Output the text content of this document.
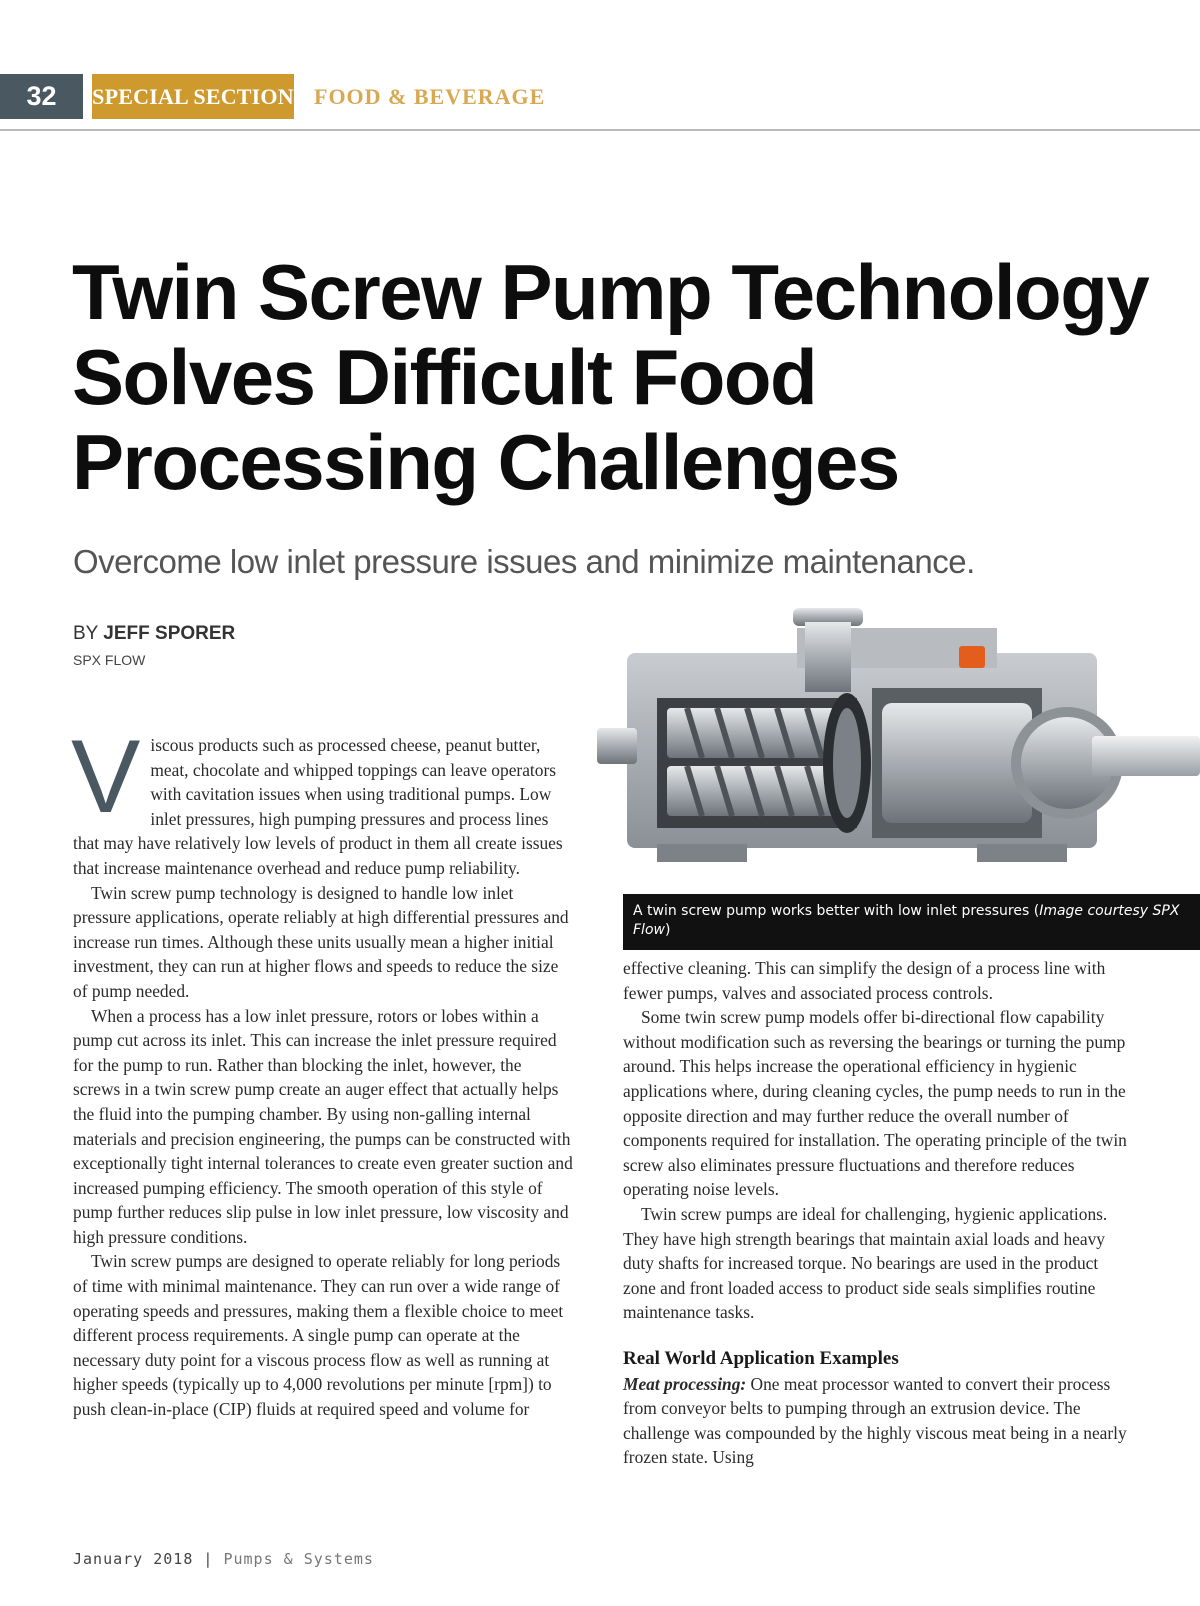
32	SPECIAL SECTION FOOD & BEVERAGE
Twin Screw Pump Technology
Solves Difficult Food
Processing Challenges
Overcome low inlet pressure issues and minimize maintenance.
BY JEFF SPORER
SPX FLOW
A twin screw pump works better with low inlet pressures (Image courtesy SPX Flow)
V iscous products such as processed cheese, peanut butter, meat, chocolate and whipped toppings can leave operators with cavitation issues when using traditional pumps. Low inlet pressures, high pumping pressures and process lines that may have relatively low levels of product in them all create issues that increase maintenance overhead and reduce pump reliability.

Twin screw pump technology is designed to handle low inlet pressure applications, operate reliably at high differential pressures and increase run times. Although these units usually mean a higher initial investment, they can run at higher flows and speeds to reduce the size of pump needed.

When a process has a low inlet pressure, rotors or lobes within a pump cut across its inlet. This can increase the inlet pressure required for the pump to run. Rather than blocking the inlet, however, the screws in a twin screw pump create an auger effect that actually helps the fluid into the pumping chamber. By using non-galling internal materials and precision engineering, the pumps can be constructed with exceptionally tight internal tolerances to create even greater suction and increased pumping efficiency. The smooth operation of this style of pump further reduces slip pulse in low inlet pressure, low viscosity and high pressure conditions.

Twin screw pumps are designed to operate reliably for long periods of time with minimal maintenance. They can run over a wide range of operating speeds and pressures, making them a flexible choice to meet different process requirements. A single pump can operate at the necessary duty point for a viscous process flow as well as running at higher speeds (typically up to 4,000 revolutions per minute [rpm]) to push clean-in-place (CIP) fluids at required speed and volume for

effective cleaning. This can simplify the design of a process line with fewer pumps, valves and associated process controls.

Some twin screw pump models offer bi-directional flow capability without modification such as reversing the bearings or turning the pump around. This helps increase the operational efficiency in hygienic applications where, during cleaning cycles, the pump needs to run in the opposite direction and may further reduce the overall number of components required for installation. The operating principle of the twin screw also eliminates pressure fluctuations and therefore reduces operating noise levels.

Twin screw pumps are ideal for challenging, hygienic applications. They have high strength bearings that maintain axial loads and heavy duty shafts for increased torque. No bearings are used in the product zone and front loaded access to product side seals simplifies routine maintenance tasks.

Real World Application Examples

Meat processing: One meat processor wanted to convert their process from conveyor belts to pumping through an extrusion device. The challenge was compounded by the highly viscous meat being in a nearly frozen state. Using

January 2018 | Pumps & Systems
